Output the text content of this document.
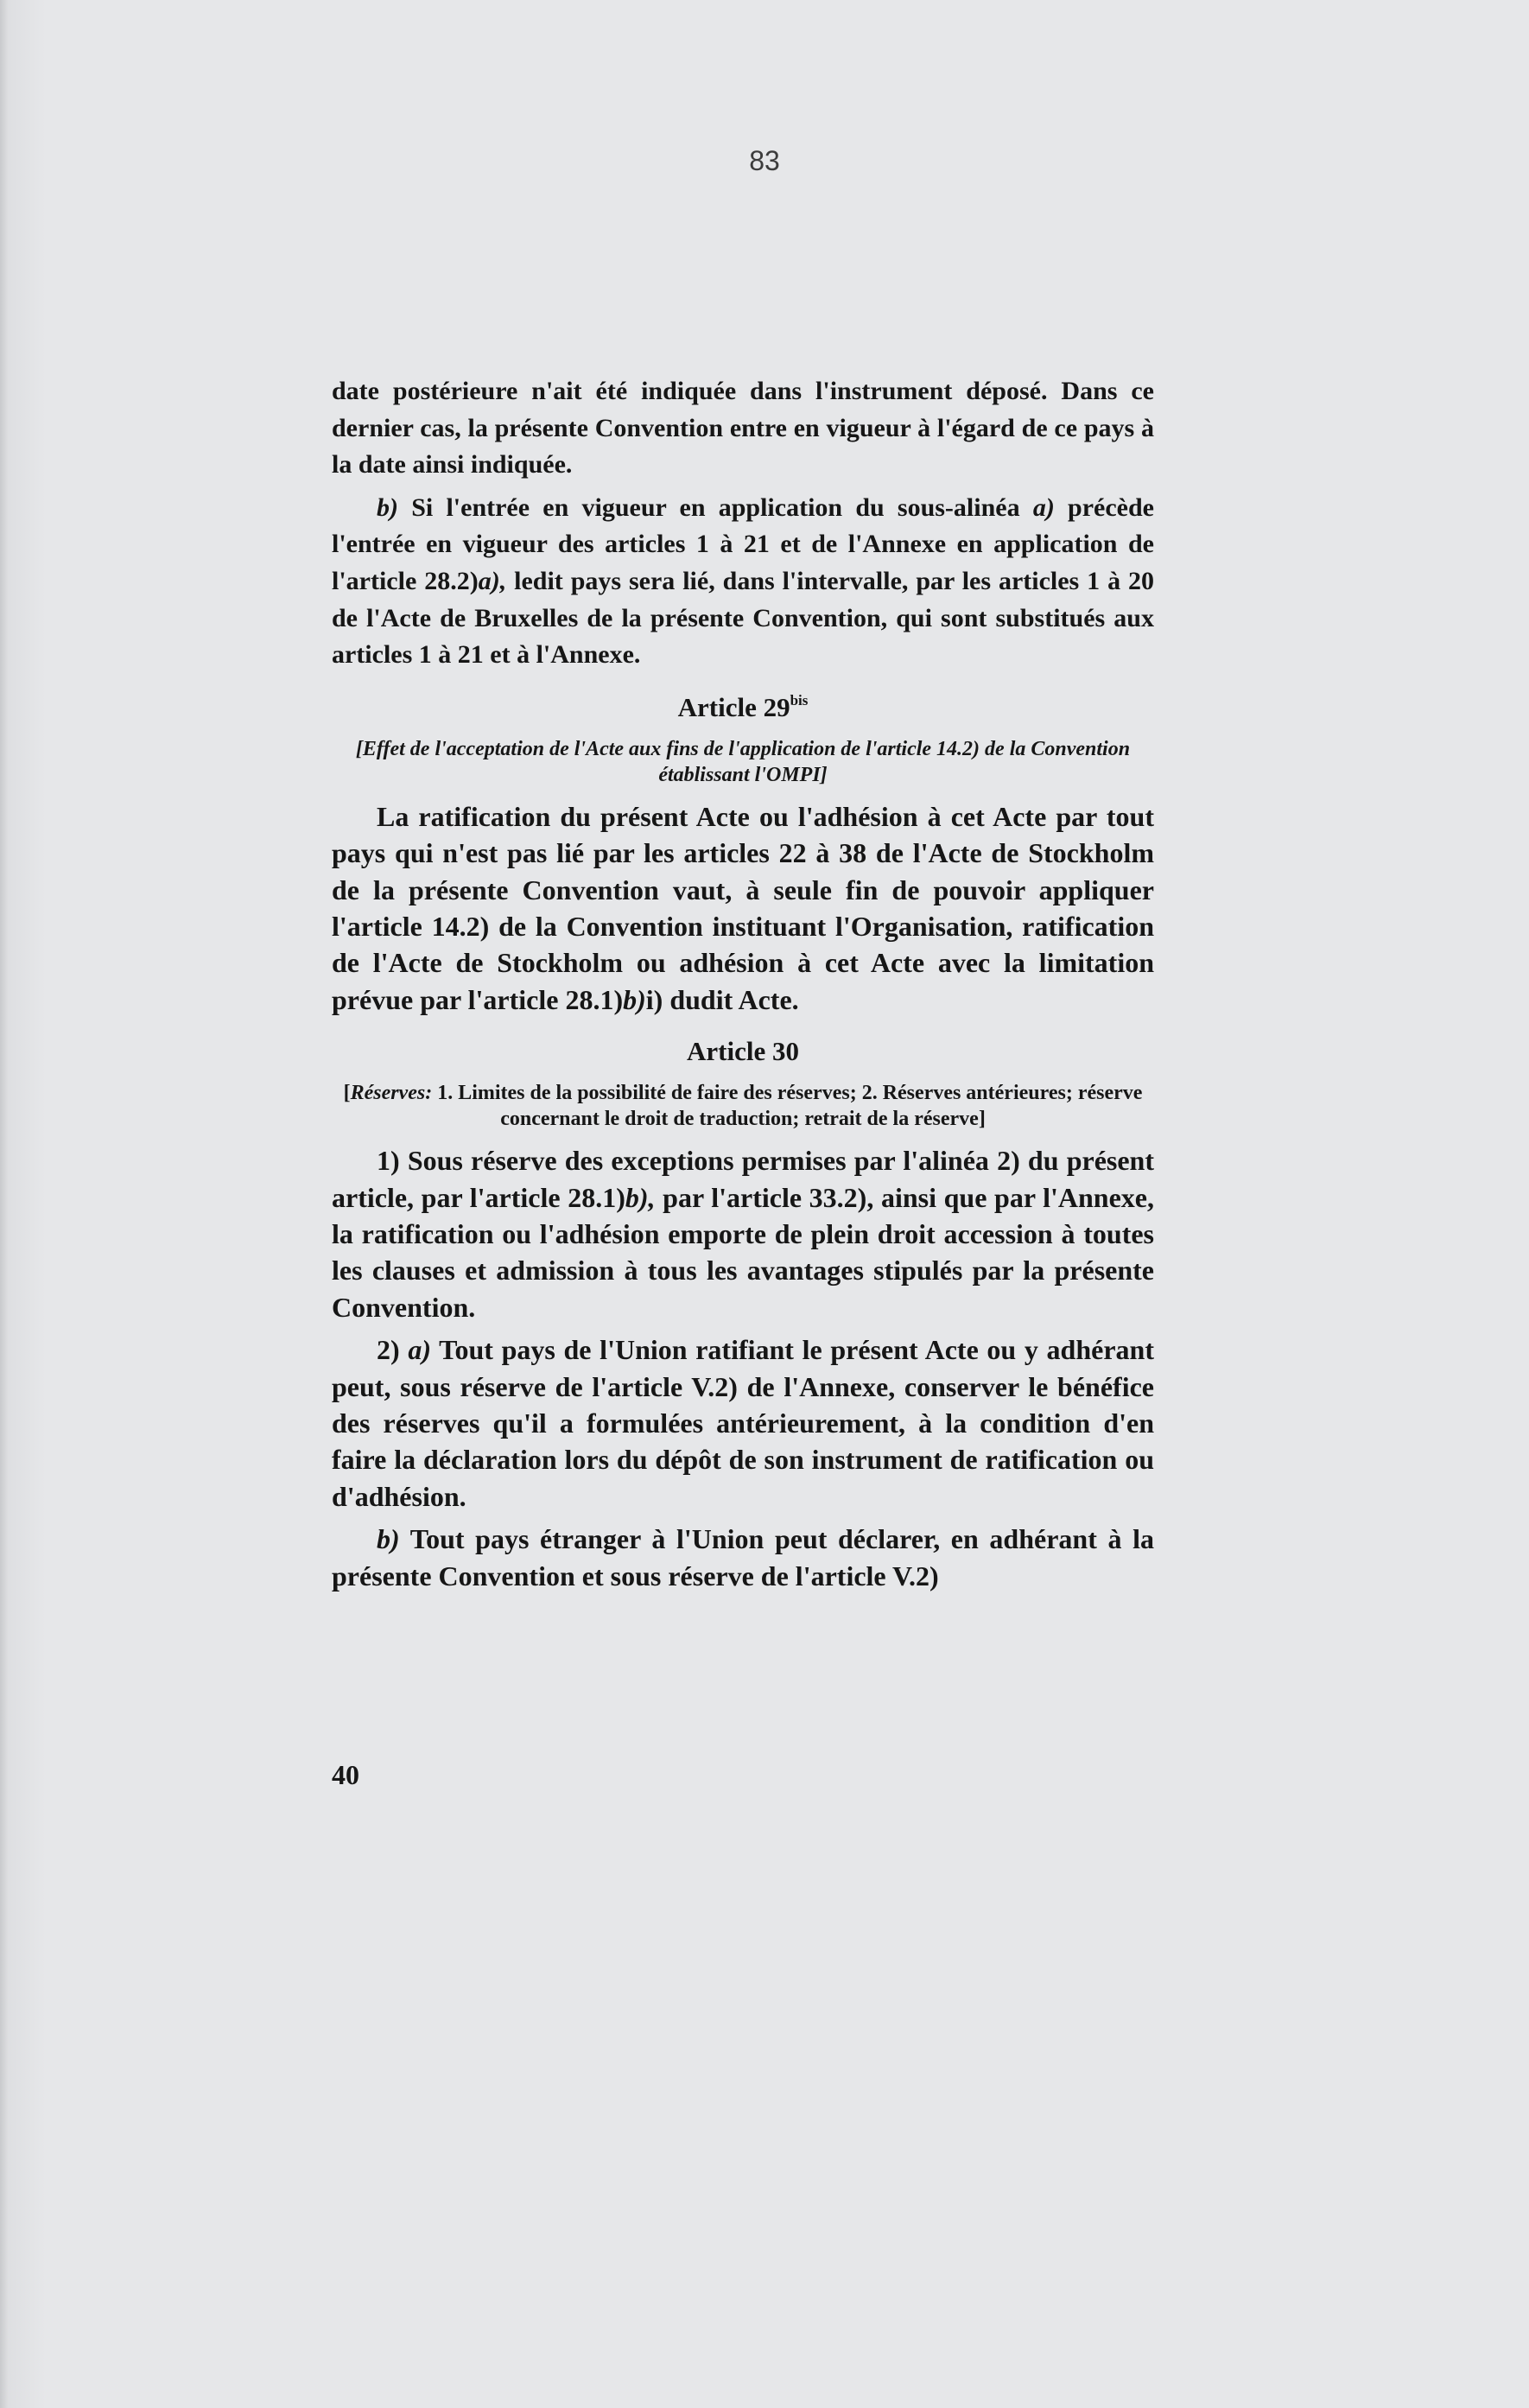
83

date postérieure n'ait été indiquée dans l'instrument déposé. Dans ce dernier cas, la présente Convention entre en vigueur à l'égard de ce pays à la date ainsi indiquée.

b) Si l'entrée en vigueur en application du sous-alinéa a) précède l'entrée en vigueur des articles 1 à 21 et de l'Annexe en application de l'article 28.2)a), ledit pays sera lié, dans l'intervalle, par les articles 1 à 20 de l'Acte de Bruxelles de la présente Convention, qui sont substitués aux articles 1 à 21 et à l'Annexe.

Article $29^{bis}$
[Effet de l'acceptation de l'Acte aux fins de l'application de l'article 14.2) de la Convention établissant l'OMPI]

La ratification du présent Acte ou l'adhésion à cet Acte par tout pays qui n'est pas lié par les articles 22 à 38 de l'Acte de Stockholm de la présente Convention vaut, à seule fin de pouvoir appliquer l'article 14.2) de la Convention instituant l'Organisation, ratification de l'Acte de Stockholm ou adhésion à cet Acte avec la limitation prévue par l'article 28.1)b)i) dudit Acte.

Article 30
[Réserves: 1. Limites de la possibilité de faire des réserves; 2. Réserves antérieures; réserve concernant le droit de traduction; retrait de la réserve]

1) Sous réserve des exceptions permises par l'alinéa 2) du présent article, par l'article 28.1)b), par l'article 33.2), ainsi que par l'Annexe, la ratification ou l'adhésion emporte de plein droit accession à toutes les clauses et admission à tous les avantages stipulés par la présente Convention.

2) a) Tout pays de l'Union ratifiant le présent Acte ou y adhérant peut, sous réserve de l'article V.2) de l'Annexe, conserver le bénéfice des réserves qu'il a formulées antérieurement, à la condition d'en faire la déclaration lors du dépôt de son instrument de ratification ou d'adhésion.

b) Tout pays étranger à l'Union peut déclarer, en adhérant à la présente Convention et sous réserve de l'article V.2)

40
